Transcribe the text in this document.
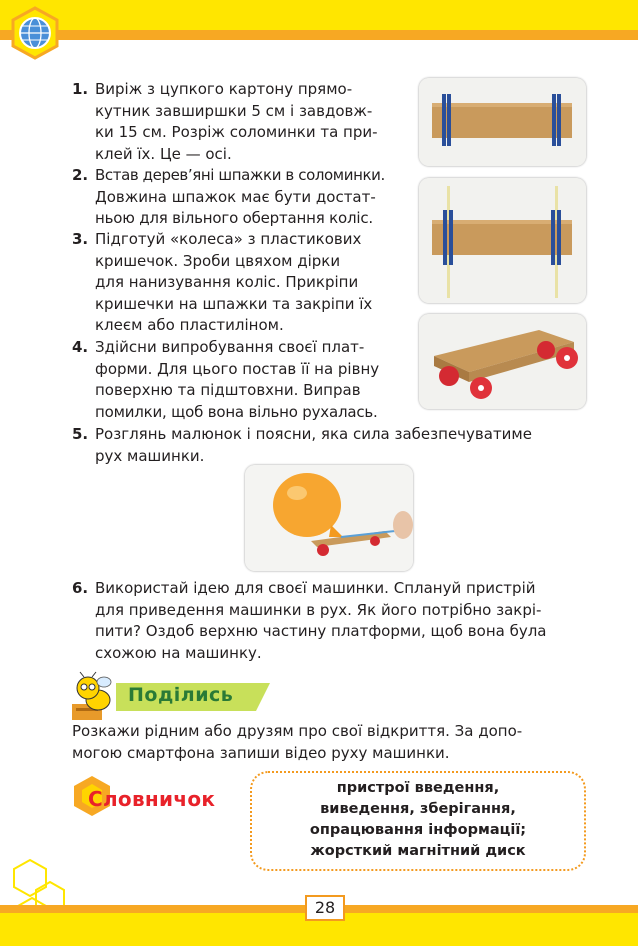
1. Виріж з цупкого картону прямо-
кутник завширшки 5 см і завдовж-
ки 15 см. Розріж соломинки та при-
клей їх. Це — осі.
2. Встав дерев’яні шпажки в соломинки.
Довжина шпажок має бути достат-
ньою для вільного обертання коліс.
3. Підготуй «колеса» з пластикових
кришечок. Зроби цвяхом дірки
для нанизування коліс. Прикріпи
кришечки на шпажки та закріпи їх
клеєм або пластиліном.
4. Здійсни випробування своєї плат-
форми. Для цього постав її на рівну
поверхню та підштовхни. Виправ
помилки, щоб вона вільно рухалась.
5. Розглянь малюнок і поясни, яка сила забезпечуватиме
рух машинки.
6. Використай ідею для своєї машинки. Сплануй пристрій
для приведення машинки в рух. Як його потрібно закрі-
пити? Оздоб верхню частину платформи, щоб вона була
схожою на машинку.
Поділись
Розкажи рідним або друзям про свої відкриття. За допо-
могою смартфона запиши відео руху машинки.
Словничок	пристрої введення,
виведення, зберігання,
опрацювання інформації;
жорсткий магнітний диск
28
